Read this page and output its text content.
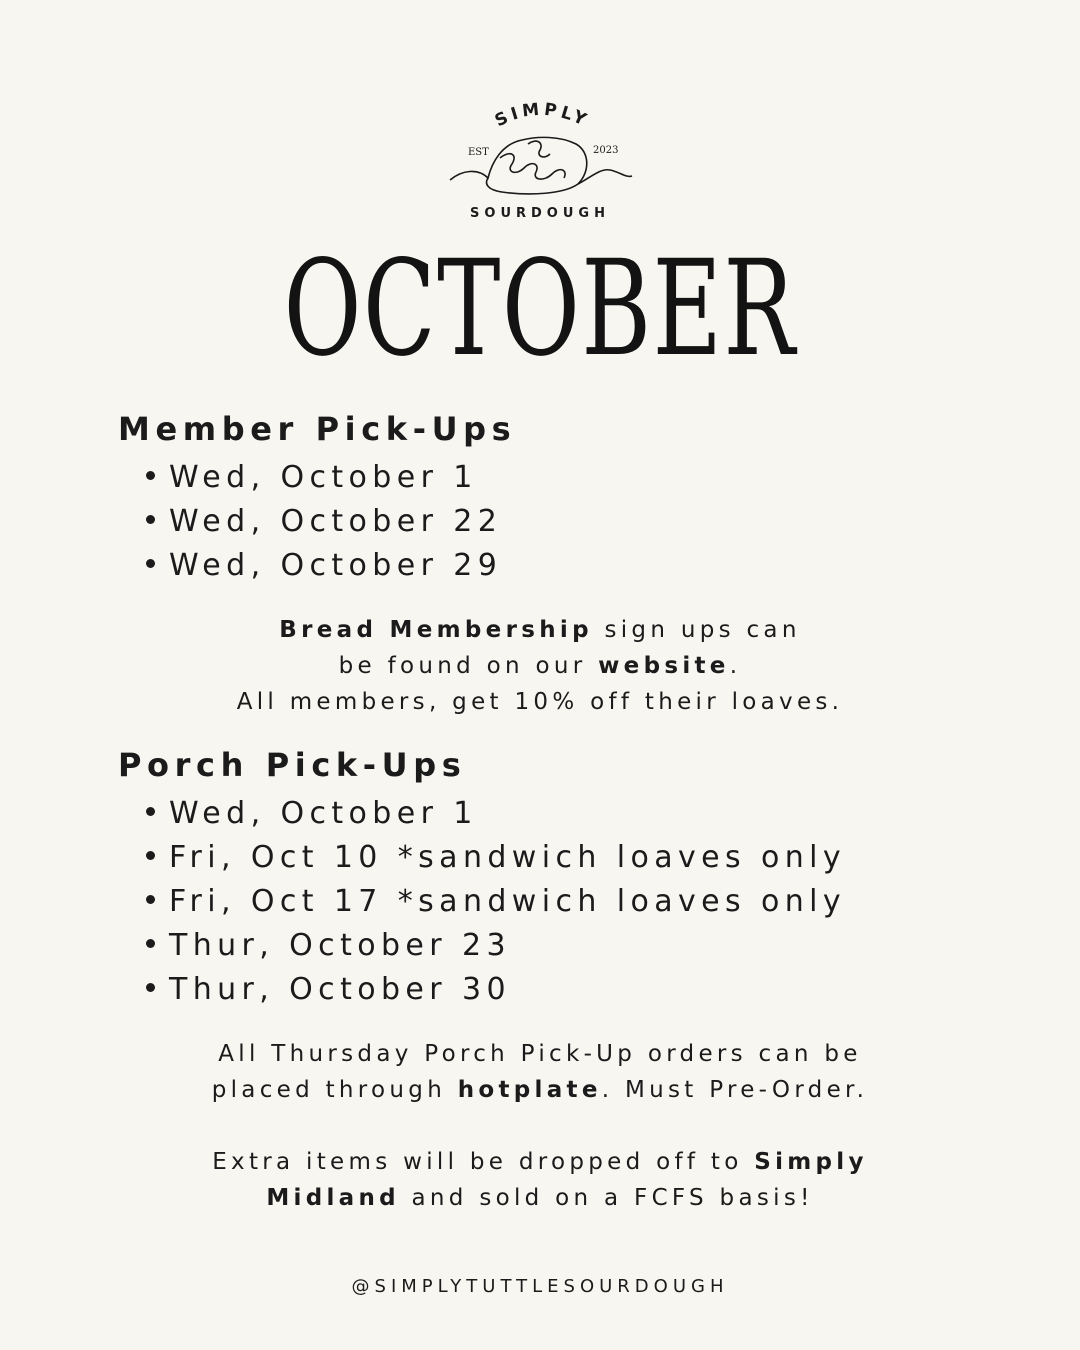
SIMPLY
EST	2023
SOURDOUGH
OCTOBER
Member Pick-Ups
Wed, October 1
Wed, October 22
Wed, October 29
Bread Membership sign ups can
be found on our website.
All members, get 10% off their loaves.
Porch Pick-Ups
Wed, October 1
Fri, Oct 10 *sandwich loaves only
Fri, Oct 17 *sandwich loaves only
Thur, October 23
Thur, October 30
All Thursday Porch Pick-Up orders can be
placed through hotplate. Must Pre-Order.
Extra items will be dropped off to Simply
Midland and sold on a FCFS basis!
@SIMPLYTUTTLESOURDOUGH
